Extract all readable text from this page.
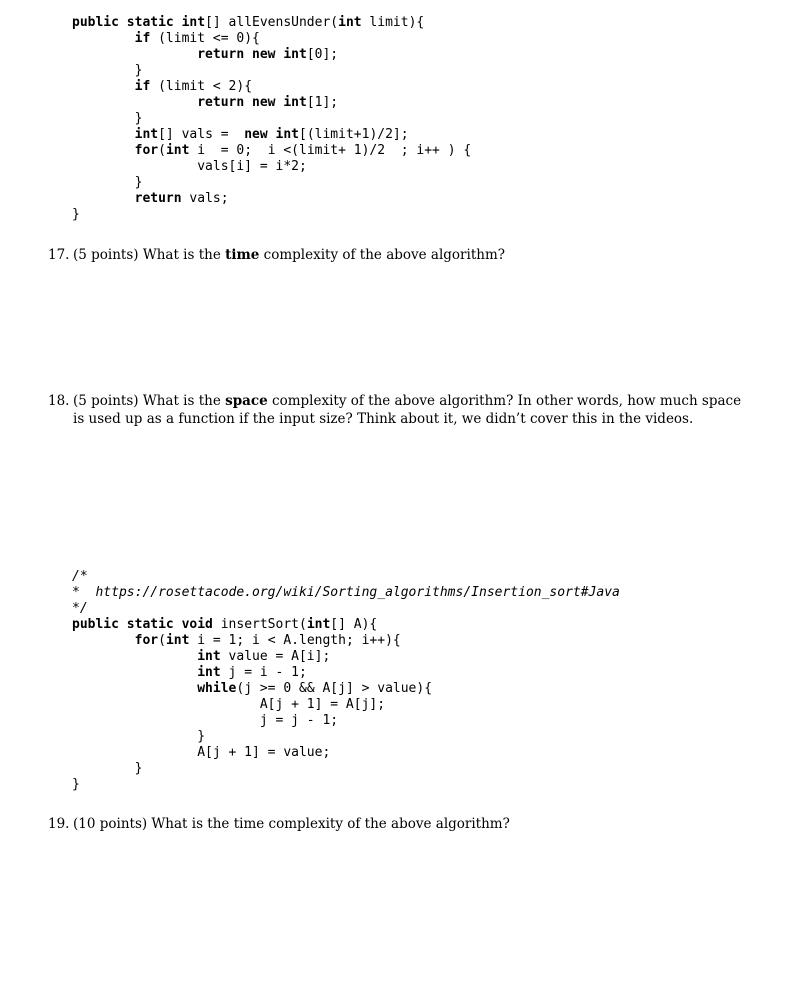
public static int[] allEvensUnder(int limit){
if (limit <= 0){
return new int[0];
}
if (limit < 2){
return new int[1];
}
int[] vals =  new int[(limit+1)/2];
for(int i  = 0;  i <(limit+ 1)/2  ; i++ ) {
vals[i] = i*2;
}
return vals;
}
17. (5 points) What is the time complexity of the above algorithm?
18. (5 points) What is the space complexity of the above algorithm? In other words, how much space is used up as a function if the input size? Think about it, we didn’t cover this in the videos.
/*
*  https://rosettacode.org/wiki/Sorting_algorithms/Insertion_sort#Java
*/
public static void insertSort(int[] A){
for(int i = 1; i < A.length; i++){
int value = A[i];
int j = i - 1;
while(j >= 0 && A[j] > value){
A[j + 1] = A[j];
j = j - 1;
}
A[j + 1] = value;
}
}
19. (10 points) What is the time complexity of the above algorithm?
